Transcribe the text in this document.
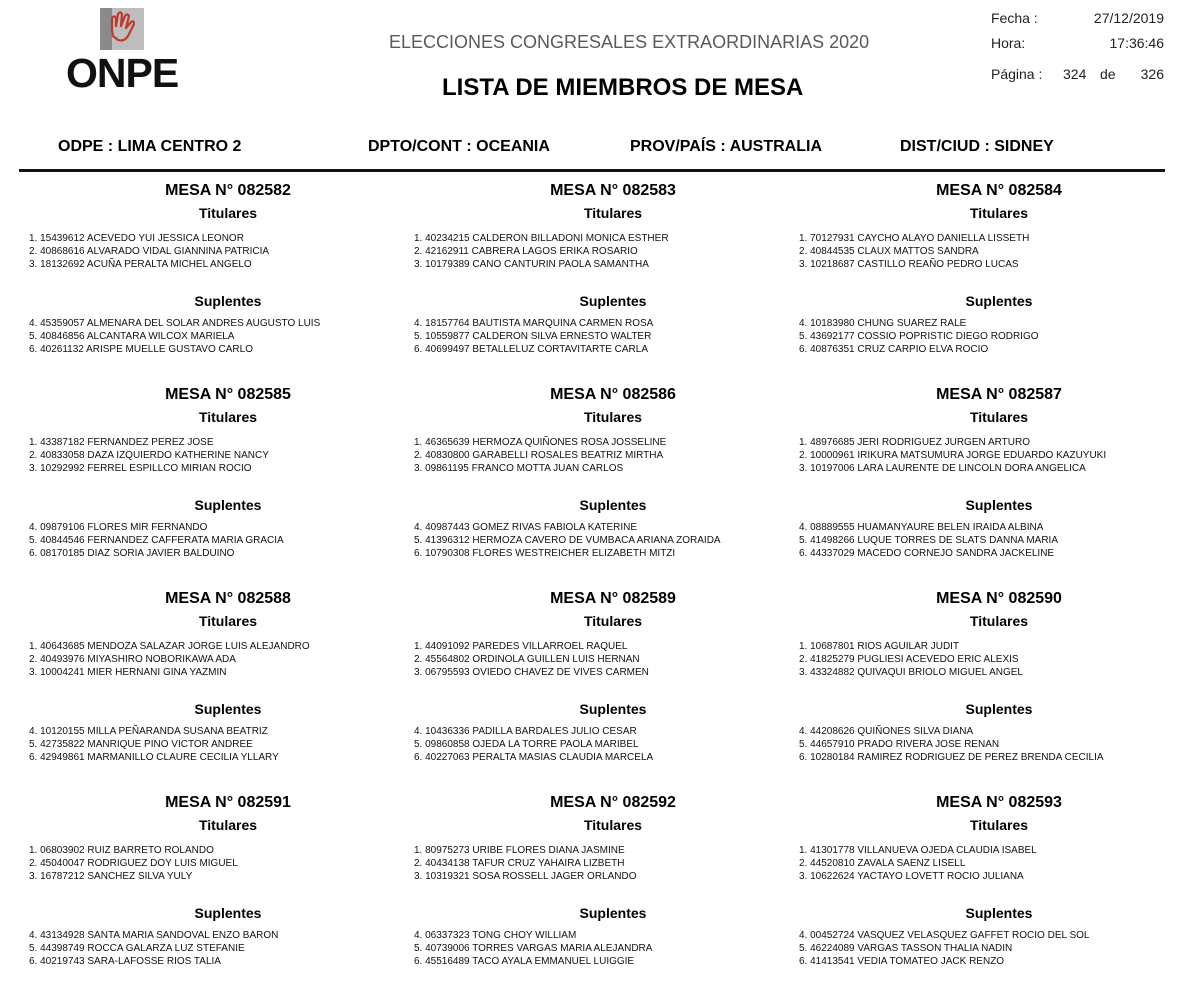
ONPE
ELECCIONES CONGRESALES EXTRAORDINARIAS 2020
LISTA DE MIEMBROS DE MESA
Fecha :	27/12/2019
Hora:	17:36:46
Página : 324 de 326
ODPE : LIMA CENTRO 2	DPTO/CONT : OCEANIA	PROV/PAÍS : AUSTRALIA	DIST/CIUD : SIDNEY
MESA N° 082582
Titulares
1. 15439612 ACEVEDO YUI JESSICA LEONOR
2. 40868616 ALVARADO VIDAL GIANNINA PATRICIA
3. 18132692 ACUÑA PERALTA MICHEL ANGELO
Suplentes
4. 45359057 ALMENARA DEL SOLAR ANDRES AUGUSTO LUIS
5. 40846856 ALCANTARA WILCOX MARIELA
6. 40261132 ARISPE MUELLE GUSTAVO CARLO
MESA N° 082583
Titulares
1. 40234215 CALDERON BILLADONI MONICA ESTHER
2. 42162911 CABRERA LAGOS ERIKA ROSARIO
3. 10179389 CANO CANTURIN PAOLA SAMANTHA
Suplentes
4. 18157764 BAUTISTA MARQUINA CARMEN ROSA
5. 10559877 CALDERON SILVA ERNESTO WALTER
6. 40699497 BETALLELUZ CORTAVITARTE CARLA
MESA N° 082584
Titulares
1. 70127931 CAYCHO ALAYO DANIELLA LISSETH
2. 40844535 CLAUX MATTOS SANDRA
3. 10218687 CASTILLO REAÑO PEDRO LUCAS
Suplentes
4. 10183980 CHUNG SUAREZ RALE
5. 43692177 COSSIO POPRISTIC DIEGO RODRIGO
6. 40876351 CRUZ CARPIO ELVA ROCIO
MESA N° 082585
Titulares
1. 43387182 FERNANDEZ PEREZ JOSE
2. 40833058 DAZA IZQUIERDO KATHERINE NANCY
3. 10292992 FERREL ESPILLCO MIRIAN ROCIO
Suplentes
4. 09879106 FLORES MIR FERNANDO
5. 40844546 FERNANDEZ CAFFERATA MARIA GRACIA
6. 08170185 DIAZ SORIA JAVIER BALDUINO
MESA N° 082586
Titulares
1. 46365639 HERMOZA QUIÑONES ROSA JOSSELINE
2. 40830800 GARABELLI ROSALES BEATRIZ MIRTHA
3. 09861195 FRANCO MOTTA JUAN CARLOS
Suplentes
4. 40987443 GOMEZ RIVAS FABIOLA KATERINE
5. 41396312 HERMOZA CAVERO DE VUMBACA ARIANA ZORAIDA
6. 10790308 FLORES WESTREICHER ELIZABETH MITZI
MESA N° 082587
Titulares
1. 48976685 JERI RODRIGUEZ JURGEN ARTURO
2. 10000961 IRIKURA MATSUMURA JORGE EDUARDO KAZUYUKI
3. 10197006 LARA LAURENTE DE LINCOLN DORA ANGELICA
Suplentes
4. 08889555 HUAMANYAURE BELEN IRAIDA ALBINA
5. 41498266 LUQUE TORRES DE SLATS DANNA MARIA
6. 44337029 MACEDO CORNEJO SANDRA JACKELINE
MESA N° 082588
Titulares
1. 40643685 MENDOZA SALAZAR JORGE LUIS ALEJANDRO
2. 40493976 MIYASHIRO NOBORIKAWA ADA
3. 10004241 MIER HERNANI GINA YAZMIN
Suplentes
4. 10120155 MILLA PEÑARANDA SUSANA BEATRIZ
5. 42735822 MANRIQUE PINO VICTOR ANDREE
6. 42949861 MARMANILLO CLAURE CECILIA YLLARY
MESA N° 082589
Titulares
1. 44091092 PAREDES VILLARROEL RAQUEL
2. 45564802 ORDINOLA GUILLEN LUIS HERNAN
3. 06795593 OVIEDO CHAVEZ DE VIVES CARMEN
Suplentes
4. 10436336 PADILLA BARDALES JULIO CESAR
5. 09860858 OJEDA LA TORRE PAOLA MARIBEL
6. 40227063 PERALTA MASIAS CLAUDIA MARCELA
MESA N° 082590
Titulares
1. 10687801 RIOS AGUILAR JUDIT
2. 41825279 PUGLIESI ACEVEDO ERIC ALEXIS
3. 43324882 QUIVAQUI BRIOLO MIGUEL ANGEL
Suplentes
4. 44208626 QUIÑONES SILVA DIANA
5. 44657910 PRADO RIVERA JOSE RENAN
6. 10280184 RAMIREZ RODRIGUEZ DE PEREZ BRENDA CECILIA
MESA N° 082591
Titulares
1. 06803902 RUIZ BARRETO ROLANDO
2. 45040047 RODRIGUEZ DOY LUIS MIGUEL
3. 16787212 SANCHEZ SILVA YULY
Suplentes
4. 43134928 SANTA MARIA SANDOVAL ENZO BARON
5. 44398749 ROCCA GALARZA LUZ STEFANIE
6. 40219743 SARA-LAFOSSE RIOS TALIA
MESA N° 082592
Titulares
1. 80975273 URIBE FLORES DIANA JASMINE
2. 40434138 TAFUR CRUZ YAHAIRA LIZBETH
3. 10319321 SOSA ROSSELL JAGER ORLANDO
Suplentes
4. 06337323 TONG CHOY WILLIAM
5. 40739006 TORRES VARGAS MARIA ALEJANDRA
6. 45516489 TACO AYALA EMMANUEL LUIGGIE
MESA N° 082593
Titulares
1. 41301778 VILLANUEVA OJEDA CLAUDIA ISABEL
2. 44520810 ZAVALA SAENZ LISELL
3. 10622624 YACTAYO LOVETT ROCIO JULIANA
Suplentes
4. 00452724 VASQUEZ VELASQUEZ GAFFET ROCIO DEL SOL
5. 46224089 VARGAS TASSON THALIA NADIN
6. 41413541 VEDIA TOMATEO JACK RENZO
